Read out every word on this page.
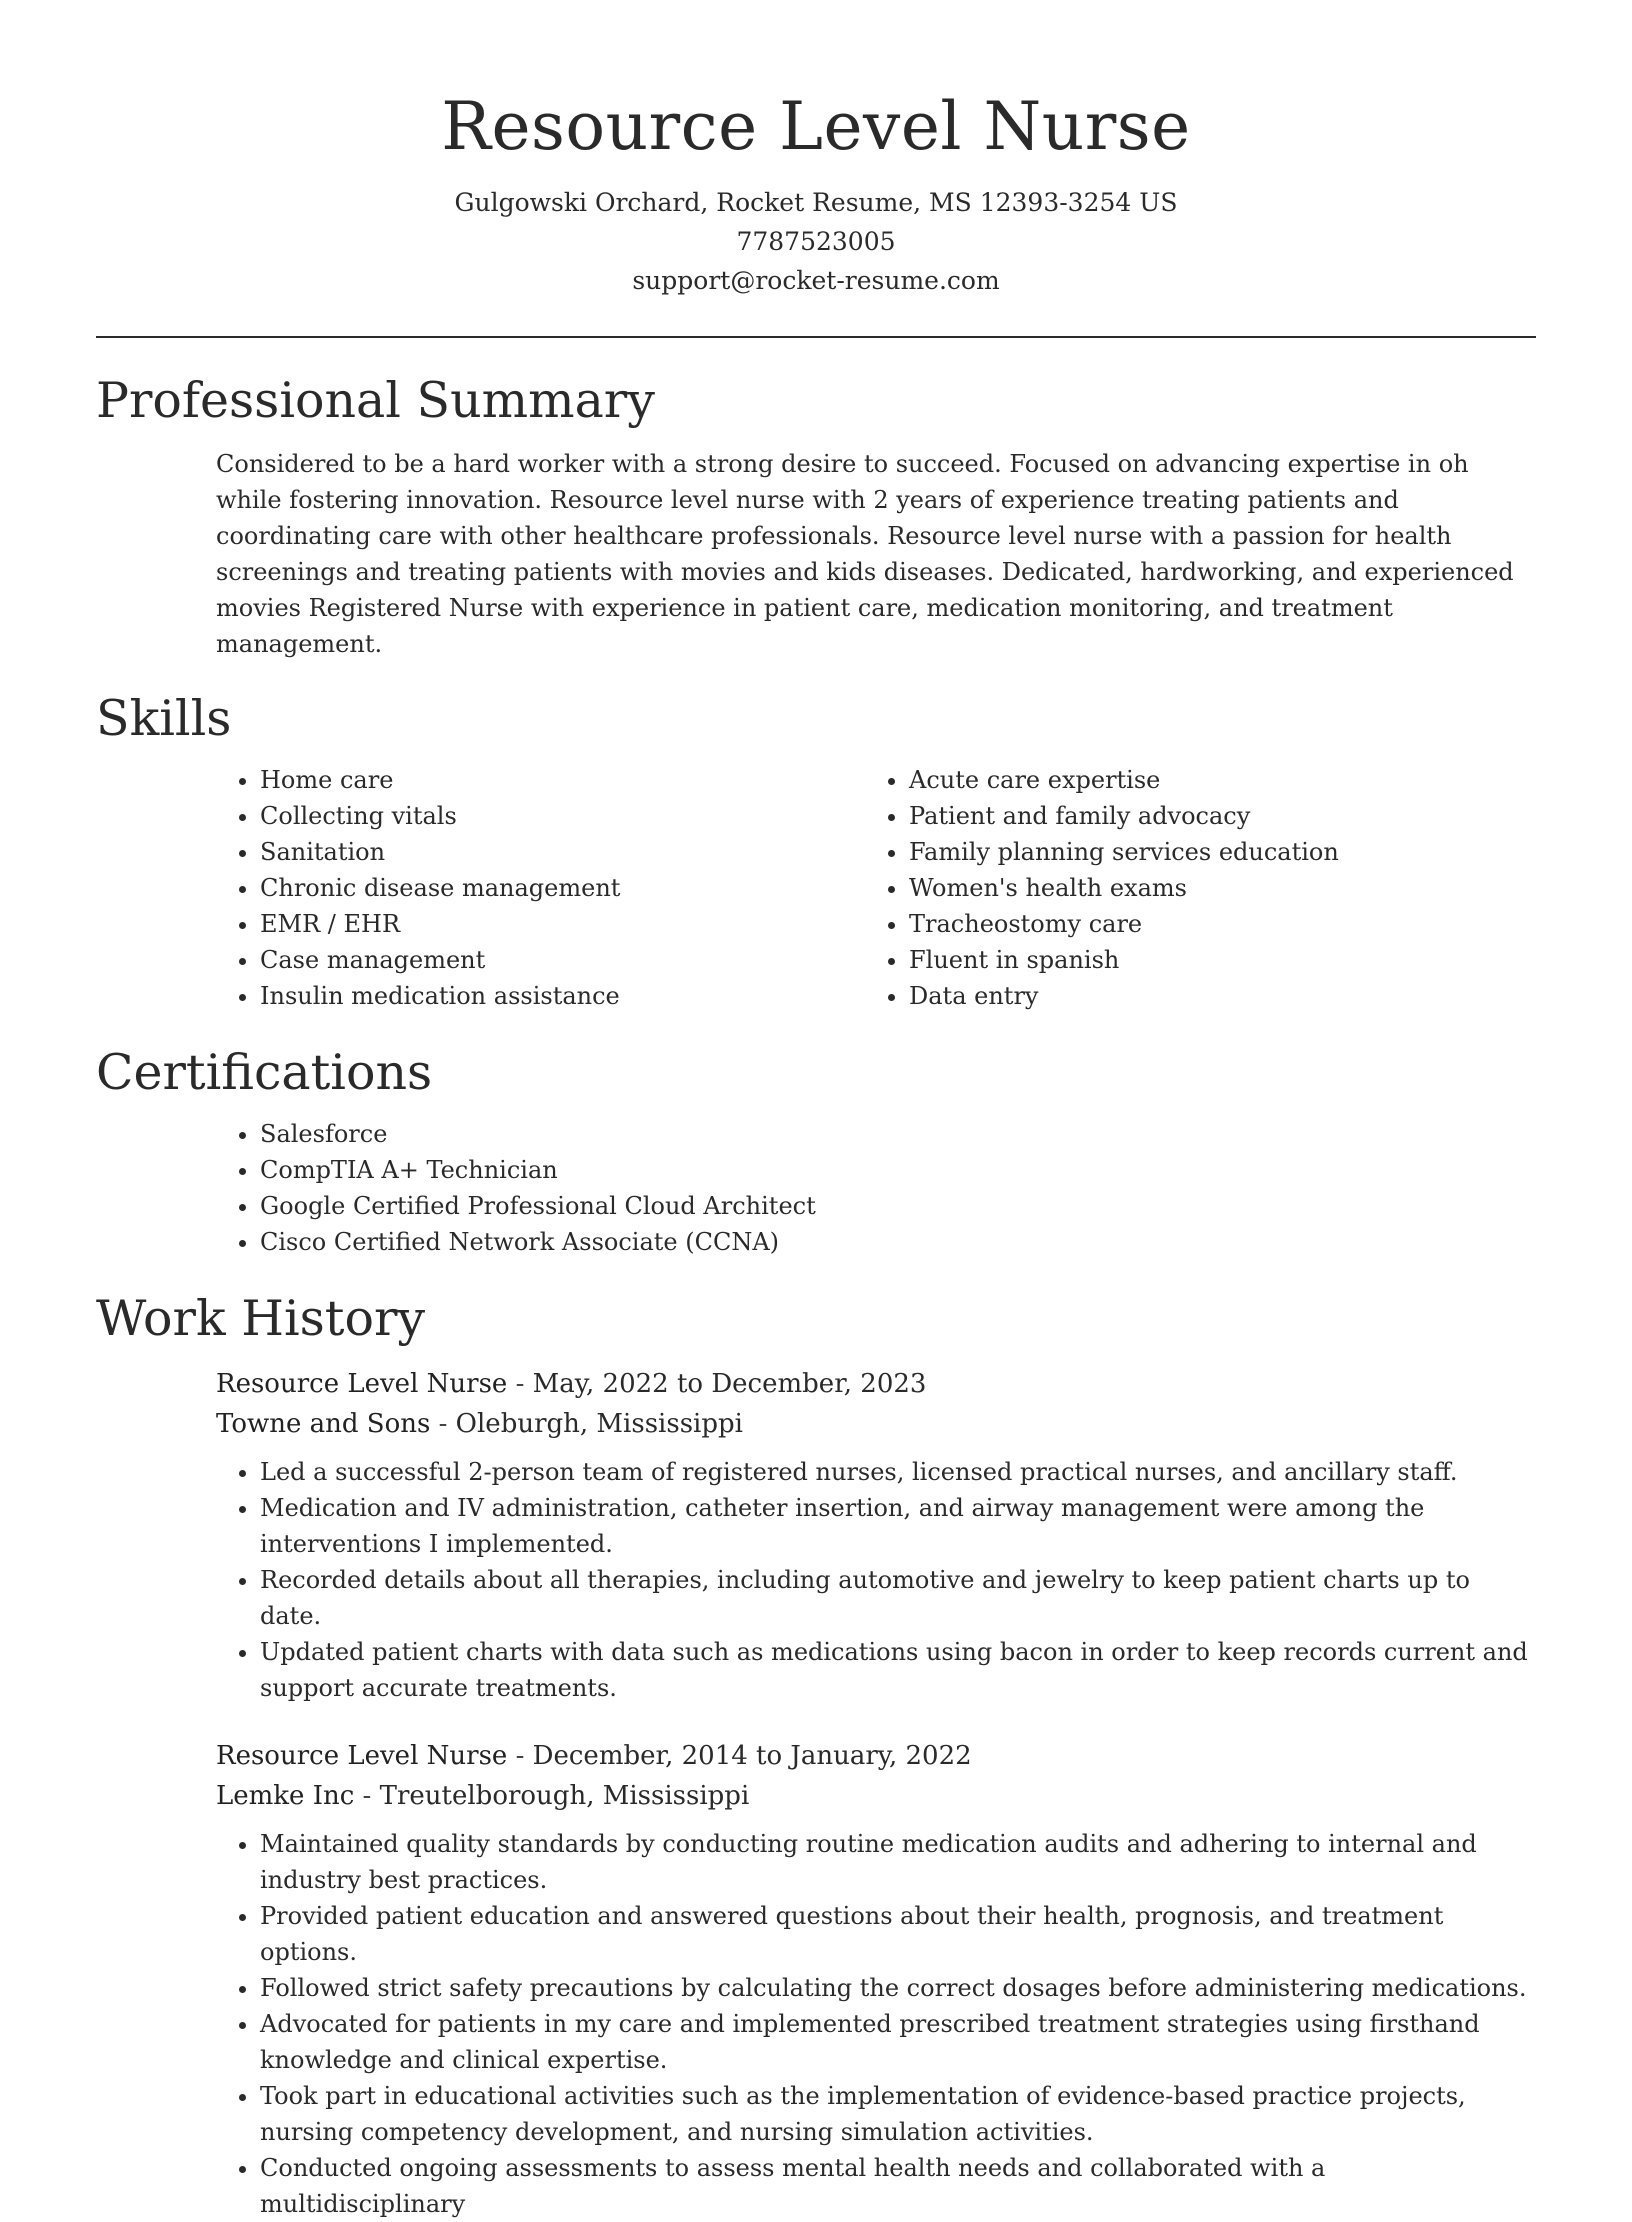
Resource Level Nurse
Gulgowski Orchard, Rocket Resume, MS 12393-3254 US
7787523005
support@rocket-resume.com
Professional Summary

Considered to be a hard worker with a strong desire to succeed. Focused on advancing expertise in oh while fostering innovation. Resource level nurse with 2 years of experience treating patients and coordinating care with other healthcare professionals. Resource level nurse with a passion for health screenings and treating patients with movies and kids diseases. Dedicated, hardworking, and experienced movies Registered Nurse with experience in patient care, medication monitoring, and treatment management.

Skills
• Home care
• Collecting vitals
• Sanitation
• Chronic disease management
• EMR / EHR
• Case management
• Insulin medication assistance
• Acute care expertise
• Patient and family advocacy
• Family planning services education
• Women's health exams
• Tracheostomy care
• Fluent in spanish
• Data entry
Certifications
• Salesforce
• CompTIA A+ Technician
• Google Certified Professional Cloud Architect
• Cisco Certified Network Associate (CCNA)
Work History
Resource Level Nurse - May, 2022 to December, 2023
Towne and Sons - Oleburgh, Mississippi
• Led a successful 2-person team of registered nurses, licensed practical nurses, and ancillary staff.
• Medication and IV administration, catheter insertion, and airway management were among the interventions I implemented.
• Recorded details about all therapies, including automotive and jewelry to keep patient charts up to date.
• Updated patient charts with data such as medications using bacon in order to keep records current and support accurate treatments.
Resource Level Nurse - December, 2014 to January, 2022
Lemke Inc - Treutelborough, Mississippi
• Maintained quality standards by conducting routine medication audits and adhering to internal and industry best practices.
• Provided patient education and answered questions about their health, prognosis, and treatment options.
• Followed strict safety precautions by calculating the correct dosages before administering medications.
• Advocated for patients in my care and implemented prescribed treatment strategies using firsthand knowledge and clinical expertise.
• Took part in educational activities such as the implementation of evidence-based practice projects, nursing competency development, and nursing simulation activities.
• Conducted ongoing assessments to assess mental health needs and collaborated with a multidisciplinary
